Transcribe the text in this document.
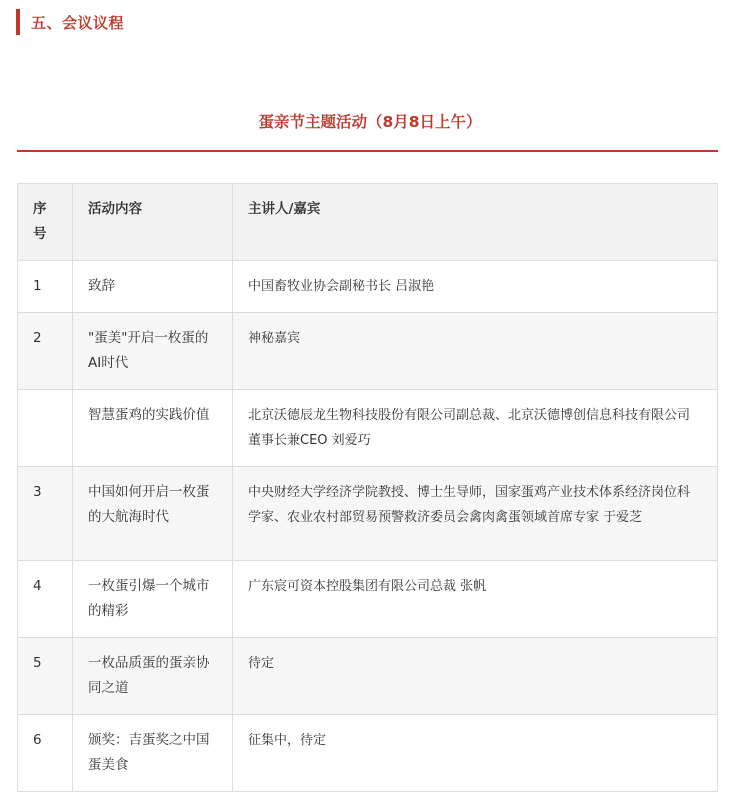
五、会议议程
蛋亲节主题活动（8月8日上午）
序号	活动内容	主讲人/嘉宾
1	致辞	中国畜牧业协会副秘书长 吕淑艳
2	"蛋美"开启一枚蛋的AI时代	神秘嘉宾
	智慧蛋鸡的实践价值	北京沃德辰龙生物科技股份有限公司副总裁、北京沃德博创信息科技有限公司董事长兼CEO 刘爱巧
3	中国如何开启一枚蛋的大航海时代	中央财经大学经济学院教授、博士生导师，国家蛋鸡产业技术体系经济岗位科学家、农业农村部贸易预警救济委员会禽肉禽蛋领域首席专家 于爱芝
4	一枚蛋引爆一个城市的精彩	广东宸可资本控股集团有限公司总裁 张帆
5	一枚品质蛋的蛋亲协同之道	待定
6	颁奖：吉蛋奖之中国蛋美食	征集中，待定
